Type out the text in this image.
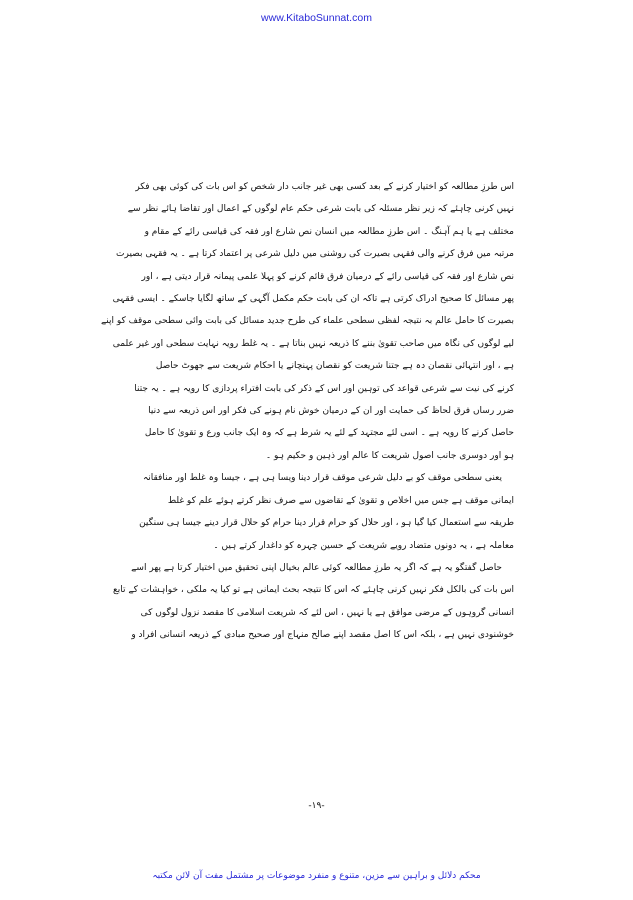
www.KitaboSunnat.com

اس طرزِ مطالعہ کو اختیار کرنے کے بعد کسی بھی غیر جانب دار شخص کو اس بات کی کوئی بھی فکر
نہیں کرنی چاہئے کہ زیر نظر مسئلہ کی بابت شرعی حکم عام لوگوں کے اعمال اور تقاضا ہائے نظر سے
مختلف ہے یا ہم آہنگ ۔ اس طرزِ مطالعہ میں انسان نص شارع اور فقہ کی قیاسی رائے کے مقام و
مرتبہ میں فرق کرنے والی فقہی بصیرت کی روشنی میں دلیل شرعی پر اعتماد کرتا ہے ۔ یہ فقہی بصیرت
نص شارع اور فقہ کی قیاسی رائے کے درمیان فرق قائم کرنے کو پہلا علمی پیمانہ قرار دیتی ہے ، اور
پھر مسائل کا صحیح ادراک کرتی ہے تاکہ ان کی بابت حکم مکمل آگہی کے ساتھ لگایا جاسکے ۔ ایسی فقہی
بصیرت کا حامل عالم بہ نتیجہ لفظی سطحی علماء کی طرح جدید مسائل کی بابت وائی سطحی موقف کو اپنے
لیے لوگوں کی نگاہ میں صاحب تقویٰ بننے کا ذریعہ نہیں بناتا ہے ۔ یہ غلط رویہ نہایت سطحی اور غیر علمی
ہے ، اور انتہائی نقصان دہ ہے جتنا شریعت کو نقصان پہنچانے یا احکام شریعت سے جھوٹ حاصل
کرنے کی نیت سے شرعی قواعد کی توہین اور اس کے ذکر کی بابت افتراء پردازی کا رویہ ہے ۔ یہ جتنا
ضرر رساں فرق لحاظ کی حمایت اور ان کے درمیان خوش نام ہونے کی فکر اور اس ذریعہ سے دنیا
حاصل کرنے کا رویہ ہے ۔ اسی لئے مجتہد کے لئے یہ شرط ہے کہ وہ ایک جانب ورع و تقویٰ کا حامل
ہو اور دوسری جانب اصول شریعت کا عالم اور ذہین و حکیم ہو ۔

یعنی سطحی موقف کو بے دلیل شرعی موقف قرار دینا ویسا ہی ہے ، جیسا وہ غلط اور منافقانہ
ایمانی موقف ہے جس میں اخلاص و تقویٰ کے تقاضوں سے صرف نظر کرتے ہوئے علم کو غلط
طریقہ سے استعمال کیا گیا ہو ، اور حلال کو حرام قرار دینا حرام کو حلال قرار دینے جیسا ہی سنگین
معاملہ ہے ، یہ دونوں متضاد رویے شریعت کے حسین چہرہ کو داغدار کرتے ہیں ۔

حاصل گفتگو یہ ہے کہ اگر یہ طرزِ مطالعہ کوئی عالم بخیال اپنی تحقیق میں اختیار کرتا ہے پھر اسے
اس بات کی بالکل فکر نہیں کرنی چاہئے کہ اس کا نتیجہ بحث ایمانی ہے تو کیا یہ ملکی ، خواہشات کے تابع
انسانی گروہوں کے مرضی موافق ہے یا نہیں ، اس لئے کہ شریعت اسلامی کا مقصد نزول لوگوں کی
خوشنودی نہیں ہے ، بلکہ اس کا اصل مقصد اپنے صالح منہاج اور صحیح مبادی کے ذریعہ انسانی افراد و

-۱۹-
محکم دلائل و براہین سے مزین، متنوع و منفرد موضوعات پر مشتمل مفت آن لائن مکتبہ
